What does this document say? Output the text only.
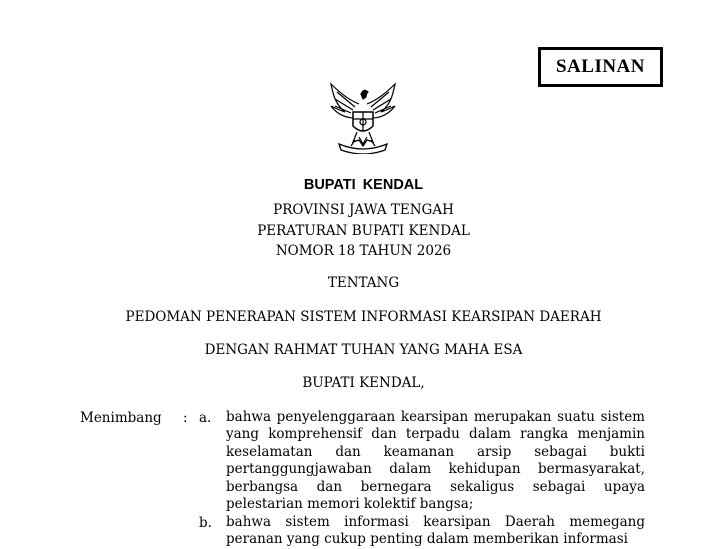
SALINAN
BUPATI KENDAL
PROVINSI JAWA TENGAH
PERATURAN BUPATI KENDAL
NOMOR 18 TAHUN 2026
TENTANG
PEDOMAN PENERAPAN SISTEM INFORMASI KEARSIPAN DAERAH
DENGAN RAHMAT TUHAN YANG MAHA ESA
BUPATI KENDAL,
Menimbang : a. bahwa penyelenggaraan kearsipan merupakan suatu sistem yang komprehensif dan terpadu dalam rangka menjamin keselamatan dan keamanan arsip sebagai bukti pertanggungjawaban dalam kehidupan bermasyarakat, berbangsa dan bernegara sekaligus sebagai upaya pelestarian memori kolektif bangsa;
b. bahwa sistem informasi kearsipan Daerah memegang peranan yang cukup penting dalam memberikan informasi
